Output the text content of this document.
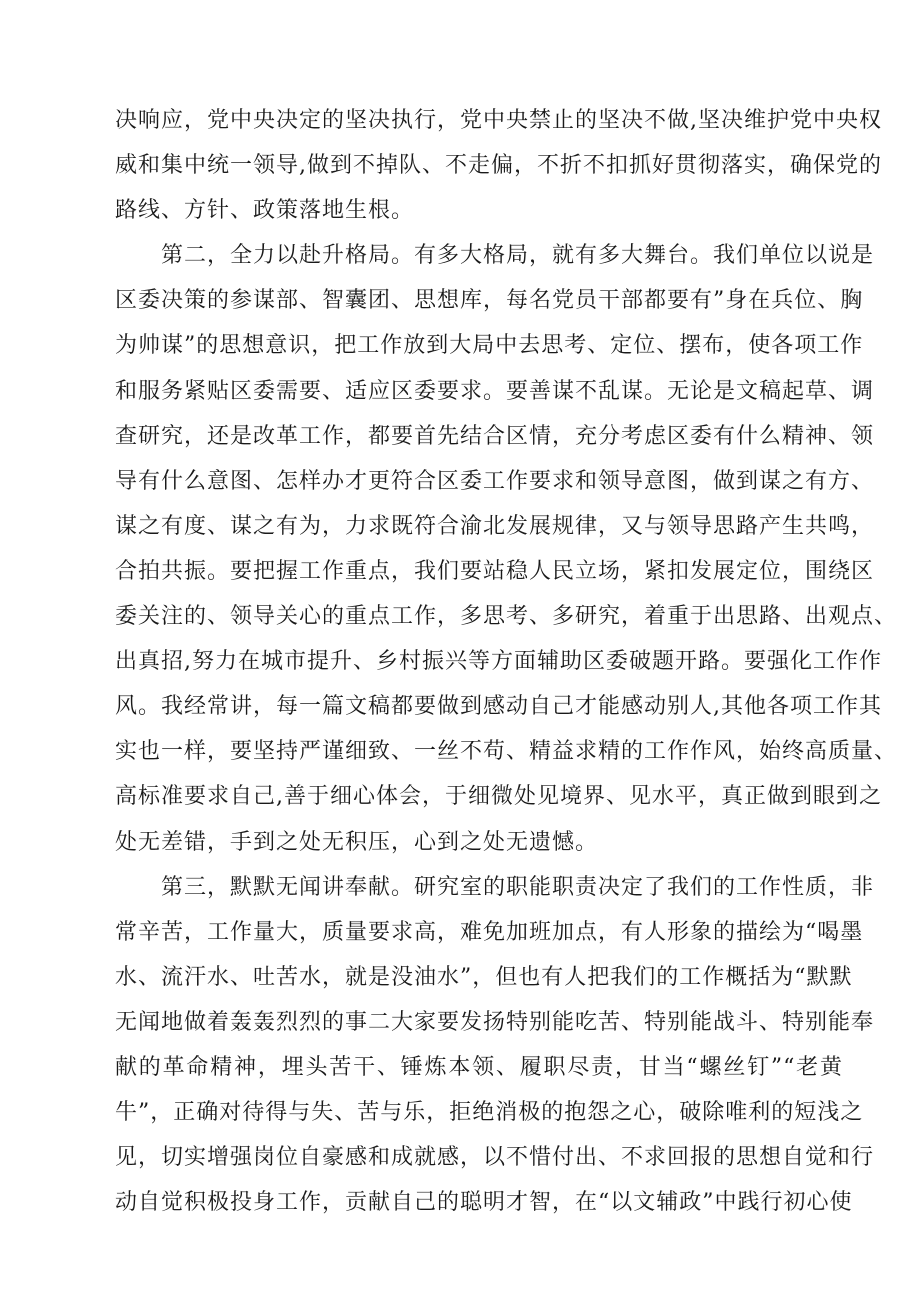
决响应，党中央决定的坚决执行，党中央禁止的坚决不做,坚决维护党中央权
威和集中统一领导,做到不掉队、不走偏，不折不扣抓好贯彻落实，确保党的
路线、方针、政策落地生根。
第二，全力以赴升格局。有多大格局，就有多大舞台。我们单位以说是
区委决策的参谋部、智囊团、思想库，每名党员干部都要有”身在兵位、胸
为帅谋”的思想意识，把工作放到大局中去思考、定位、摆布，使各项工作
和服务紧贴区委需要、适应区委要求。要善谋不乱谋。无论是文稿起草、调
查研究，还是改革工作，都要首先结合区情，充分考虑区委有什么精神、领
导有什么意图、怎样办才更符合区委工作要求和领导意图，做到谋之有方、
谋之有度、谋之有为，力求既符合渝北发展规律，又与领导思路产生共鸣，
合拍共振。要把握工作重点，我们要站稳人民立场，紧扣发展定位，围绕区
委关注的、领导关心的重点工作，多思考、多研究，着重于出思路、出观点、
出真招,努力在城市提升、乡村振兴等方面辅助区委破题开路。要强化工作作
风。我经常讲，每一篇文稿都要做到感动自己才能感动别人,其他各项工作其
实也一样，要坚持严谨细致、一丝不苟、精益求精的工作作风，始终高质量、
高标准要求自己,善于细心体会，于细微处见境界、见水平，真正做到眼到之
处无差错，手到之处无积压，心到之处无遗憾。
第三，默默无闻讲奉献。研究室的职能职责决定了我们的工作性质，非
常辛苦，工作量大，质量要求高，难免加班加点，有人形象的描绘为“喝墨
水、流汗水、吐苦水，就是没油水”，但也有人把我们的工作概括为“默默
无闻地做着轰轰烈烈的事二大家要发扬特别能吃苦、特别能战斗、特别能奉
献的革命精神，埋头苦干、锤炼本领、履职尽责，甘当“螺丝钉”“老黄
牛”，正确对待得与失、苦与乐，拒绝消极的抱怨之心，破除唯利的短浅之
见，切实增强岗位自豪感和成就感，以不惜付出、不求回报的思想自觉和行
动自觉积极投身工作，贡献自己的聪明才智，在“以文辅政”中践行初心使
